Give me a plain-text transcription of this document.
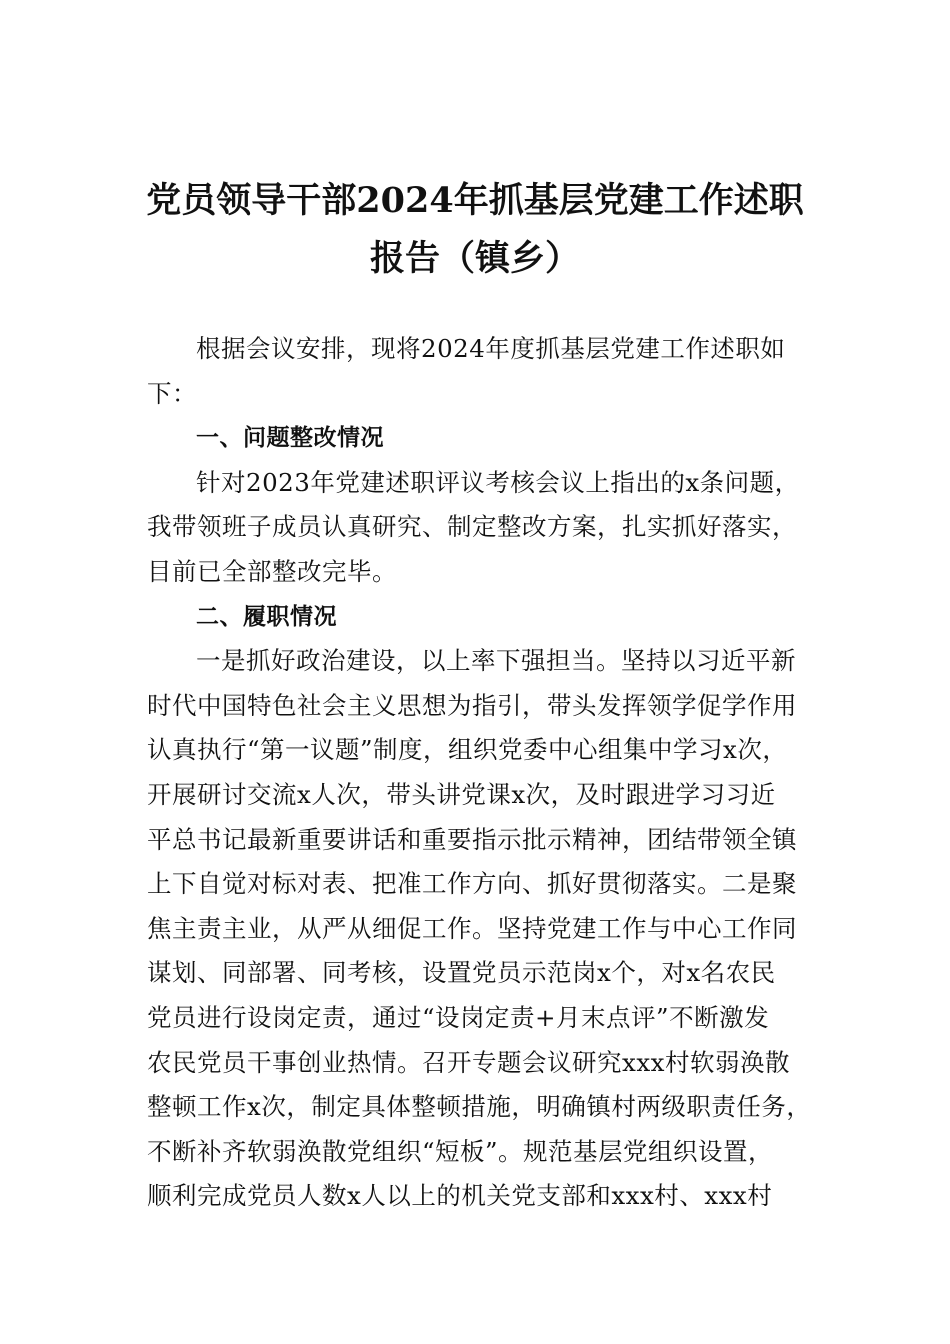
党员领导干部2024年抓基层党建工作述职
报告（镇乡）
根据会议安排，现将2024年度抓基层党建工作述职如
下：
一、问题整改情况
针对2023年党建述职评议考核会议上指出的x条问题，
我带领班子成员认真研究、制定整改方案，扎实抓好落实，
目前已全部整改完毕。
二、履职情况
一是抓好政治建设，以上率下强担当。坚持以习近平新
时代中国特色社会主义思想为指引，带头发挥领学促学作用
认真执行“第一议题”制度，组织党委中心组集中学习x次，
开展研讨交流x人次，带头讲党课x次，及时跟进学习习近
平总书记最新重要讲话和重要指示批示精神，团结带领全镇
上下自觉对标对表、把准工作方向、抓好贯彻落实。二是聚
焦主责主业，从严从细促工作。坚持党建工作与中心工作同
谋划、同部署、同考核，设置党员示范岗x个，对x名农民
党员进行设岗定责，通过“设岗定责+月末点评”不断激发
农民党员干事创业热情。召开专题会议研究xxx村软弱涣散
整顿工作x次，制定具体整顿措施，明确镇村两级职责任务，
不断补齐软弱涣散党组织“短板”。规范基层党组织设置，
顺利完成党员人数x人以上的机关党支部和xxx村、xxx村
